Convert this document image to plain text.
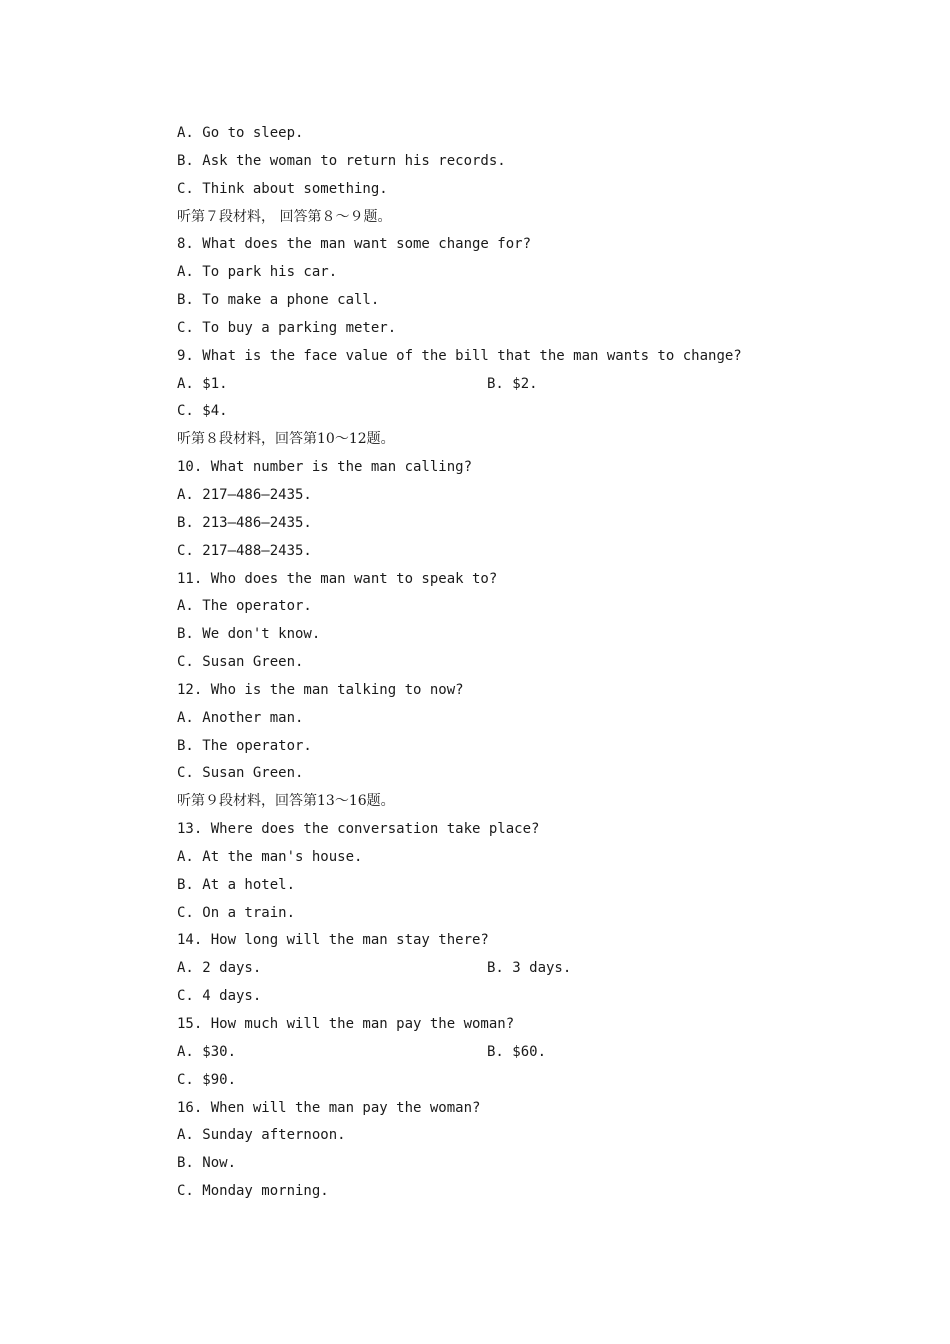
A. Go to sleep.
B. Ask the woman to return his records.
C. Think about something.
听第７段材料， 回答第８～９题。
8. What does the man want some change for?
A. To park his car.
B. To make a phone call.
C. To buy a parking meter.
9. What is the face value of the bill that the man wants to change?
A. $1.	B. $2.
C. $4.
听第８段材料，回答第10～12题。
10. What number is the man calling?
A. 217—486—2435.
B. 213—486—2435.
C. 217—488—2435.
11. Who does the man want to speak to?
A. The operator.
B. We don't know.
C. Susan Green.
12. Who is the man talking to now?
A. Another man.
B. The operator.
C. Susan Green.
听第９段材料，回答第13～16题。
13. Where does the conversation take place?
A. At the man's house.
B. At a hotel.
C. On a train.
14. How long will the man stay there?
A. 2 days.	B. 3 days.
C. 4 days.
15. How much will the man pay the woman?
A. $30.	B. $60.
C. $90.
16. When will the man pay the woman?
A. Sunday afternoon.
B. Now.
C. Monday morning.
